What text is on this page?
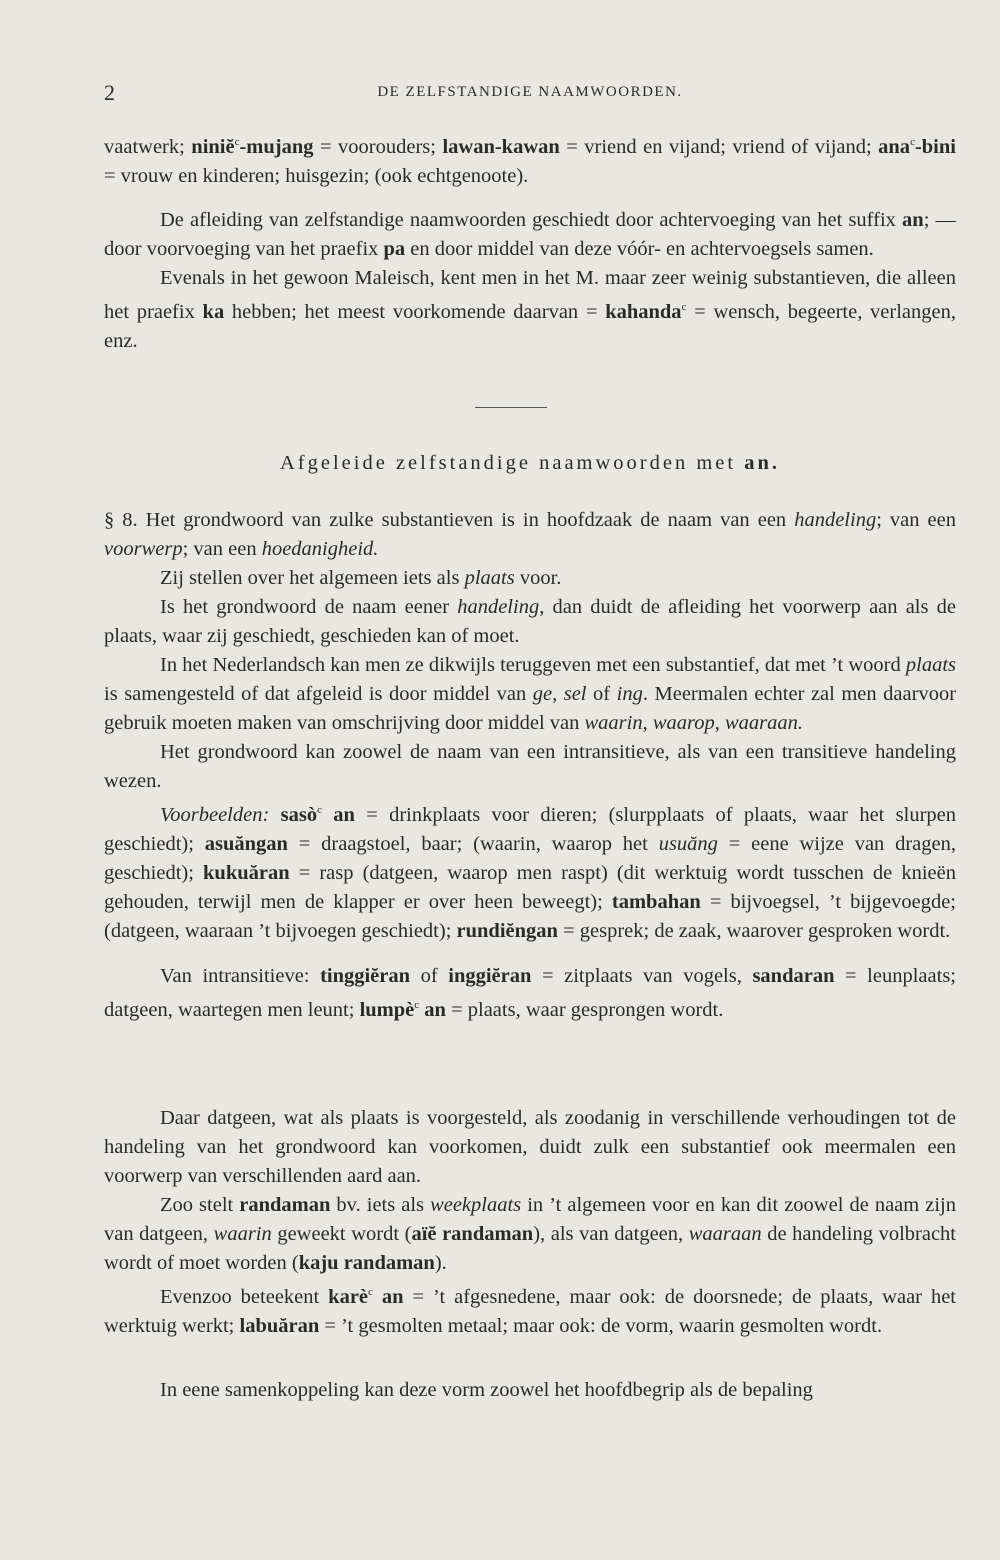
2	DE ZELFSTANDIGE NAAMWOORDEN.

vaatwerk; niniĕ$^c$-mujang = voorouders; lawan-kawan = vriend en vijand; vriend of vijand; ana$^c$-bini = vrouw en kinderen; huisgezin; (ook echtgenoote).

De afleiding van zelfstandige naamwoorden geschiedt door achtervoeging van het suffix an; — door voorvoeging van het praefix pa en door middel van deze vóór- en achtervoegsels samen.

Evenals in het gewoon Maleisch, kent men in het M. maar zeer weinig substantieven, die alleen het praefix ka hebben; het meest voorkomende daarvan = kahanda$^c$ = wensch, begeerte, verlangen, enz.

Afgeleide zelfstandige naamwoorden met an.

§ 8. Het grondwoord van zulke substantieven is in hoofdzaak de naam van een handeling; van een voorwerp; van een hoedanigheid.

Zij stellen over het algemeen iets als plaats voor.

Is het grondwoord de naam eener handeling, dan duidt de afleiding het voorwerp aan als de plaats, waar zij geschiedt, geschieden kan of moet.

In het Nederlandsch kan men ze dikwijls teruggeven met een substantief, dat met ’t woord plaats is samengesteld of dat afgeleid is door middel van ge, sel of ing. Meermalen echter zal men daarvoor gebruik moeten maken van omschrijving door middel van waarin, waarop, waaraan.

Het grondwoord kan zoowel de naam van een intransitieve, als van een transitieve handeling wezen.

Voorbeelden: sasò$^c$ an = drinkplaats voor dieren; (slurpplaats of plaats, waar het slurpen geschiedt); asuăngan = draagstoel, baar; (waarin, waarop het usuăng = eene wijze van dragen, geschiedt); kukuăran = rasp (datgeen, waarop men raspt) (dit werktuig wordt tusschen de knieën gehouden, terwijl men de klapper er over heen beweegt); tambahan = bijvoegsel, ’t bijgevoegde; (datgeen, waaraan ’t bijvoegen geschiedt); rundiĕngan = gesprek; de zaak, waarover gesproken wordt.

Van intransitieve: tinggiĕran of inggiĕran = zitplaats van vogels, sandaran = leunplaats; datgeen, waartegen men leunt; lumpè$^c$ an = plaats, waar gesprongen wordt.

Daar datgeen, wat als plaats is voorgesteld, als zoodanig in verschillende verhoudingen tot de handeling van het grondwoord kan voorkomen, duidt zulk een substantief ook meermalen een voorwerp van verschillenden aard aan.

Zoo stelt randaman bv. iets als weekplaats in ’t algemeen voor en kan dit zoowel de naam zijn van datgeen, waarin geweekt wordt (aïĕ randaman), als van datgeen, waaraan de handeling volbracht wordt of moet worden (kaju randaman).

Evenzoo beteekent karè$^c$ an = ’t afgesnedene, maar ook: de doorsnede; de plaats, waar het werktuig werkt; labuăran = ’t gesmolten metaal; maar ook: de vorm, waarin gesmolten wordt.

In eene samenkoppeling kan deze vorm zoowel het hoofdbegrip als de bepaling
